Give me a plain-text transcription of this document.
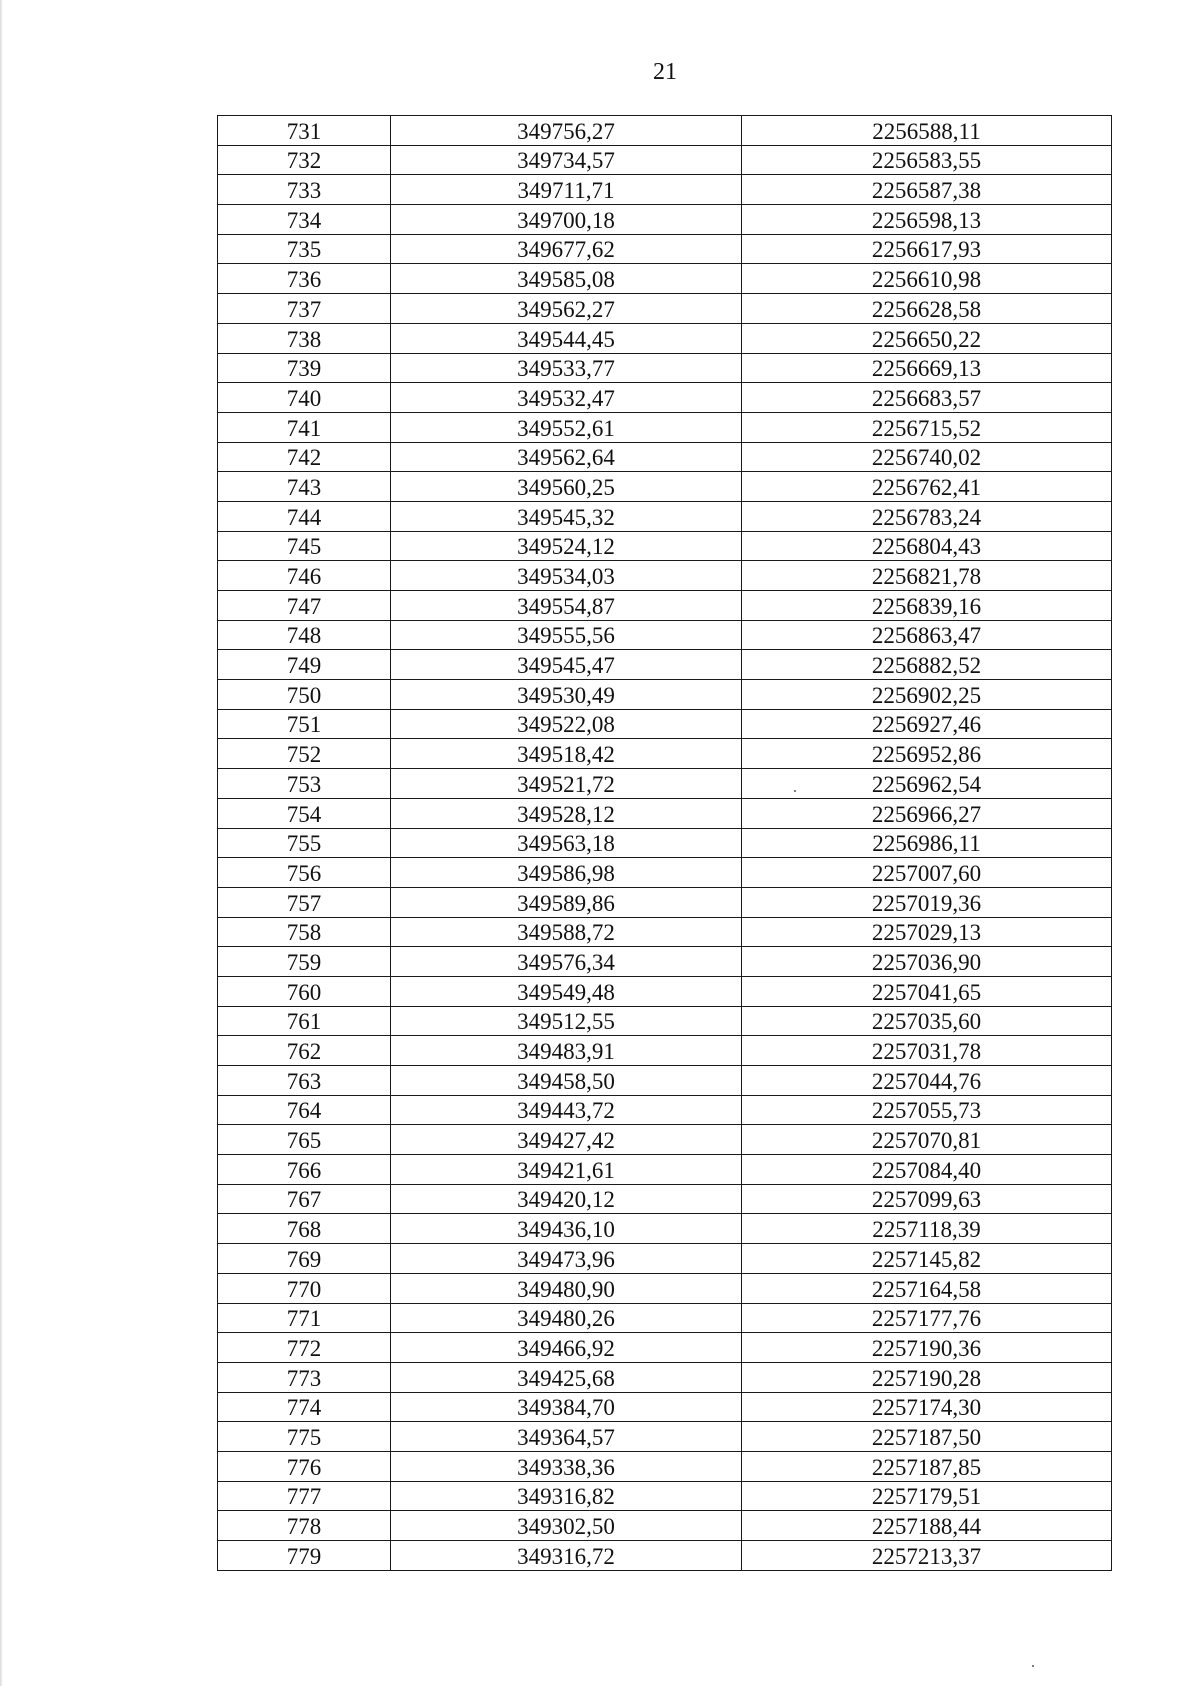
21
731	349756,27	2256588,11
732	349734,57	2256583,55
733	349711,71	2256587,38
734	349700,18	2256598,13
735	349677,62	2256617,93
736	349585,08	2256610,98
737	349562,27	2256628,58
738	349544,45	2256650,22
739	349533,77	2256669,13
740	349532,47	2256683,57
741	349552,61	2256715,52
742	349562,64	2256740,02
743	349560,25	2256762,41
744	349545,32	2256783,24
745	349524,12	2256804,43
746	349534,03	2256821,78
747	349554,87	2256839,16
748	349555,56	2256863,47
749	349545,47	2256882,52
750	349530,49	2256902,25
751	349522,08	2256927,46
752	349518,42	2256952,86
753	349521,72	2256962,54
754	349528,12	2256966,27
755	349563,18	2256986,11
756	349586,98	2257007,60
757	349589,86	2257019,36
758	349588,72	2257029,13
759	349576,34	2257036,90
760	349549,48	2257041,65
761	349512,55	2257035,60
762	349483,91	2257031,78
763	349458,50	2257044,76
764	349443,72	2257055,73
765	349427,42	2257070,81
766	349421,61	2257084,40
767	349420,12	2257099,63
768	349436,10	2257118,39
769	349473,96	2257145,82
770	349480,90	2257164,58
771	349480,26	2257177,76
772	349466,92	2257190,36
773	349425,68	2257190,28
774	349384,70	2257174,30
775	349364,57	2257187,50
776	349338,36	2257187,85
777	349316,82	2257179,51
778	349302,50	2257188,44
779	349316,72	2257213,37
